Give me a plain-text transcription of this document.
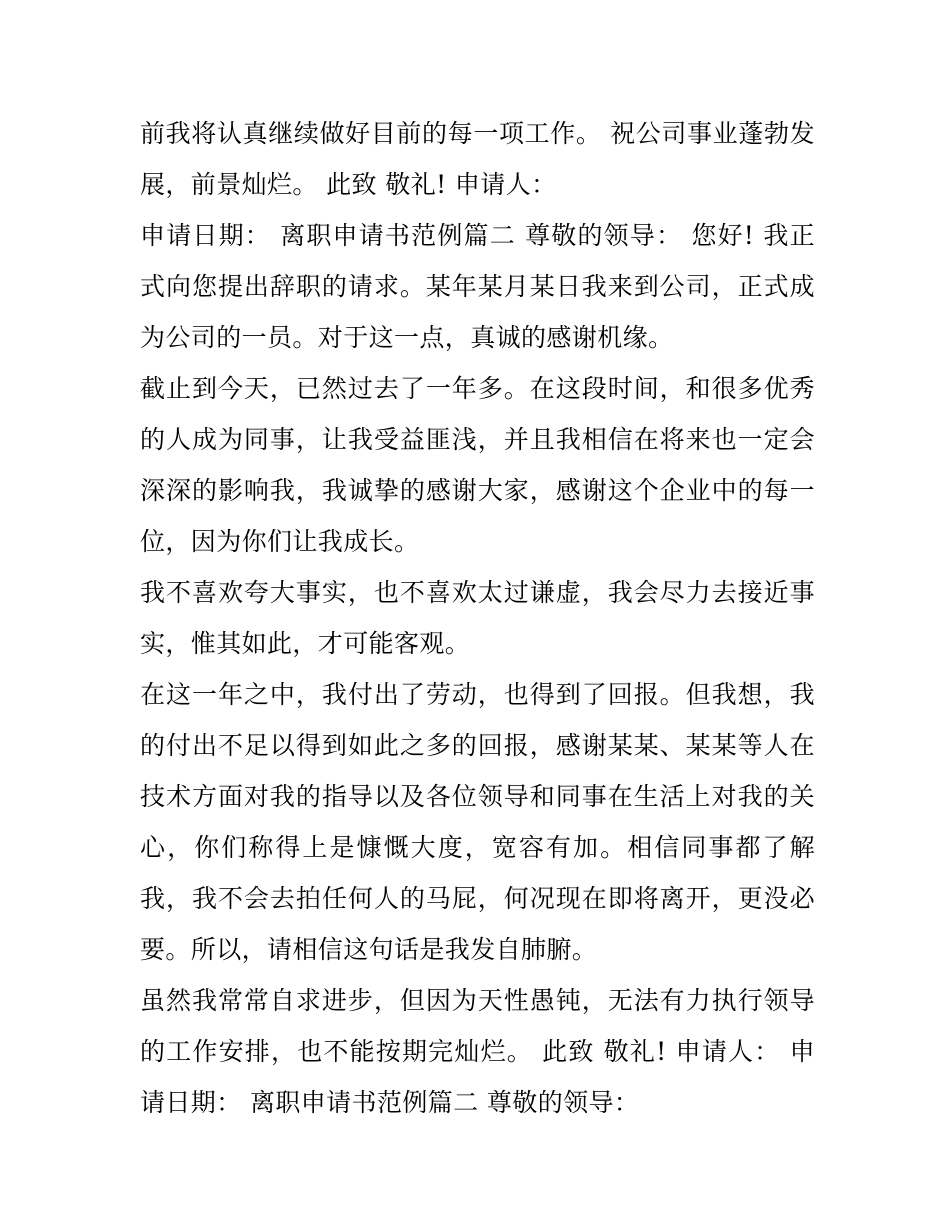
前我将认真继续做好目前的每一项工作。 祝公司事业蓬勃发展，前景灿烂。 此致 敬礼! 申请人：

申请日期： 离职申请书范例篇二 尊敬的领导： 您好! 我正式向您提出辞职的请求。某年某月某日我来到公司，正式成为公司的一员。对于这一点，真诚的感谢机缘。

截止到今天，已然过去了一年多。在这段时间，和很多优秀的人成为同事，让我受益匪浅，并且我相信在将来也一定会深深的影响我，我诚挚的感谢大家，感谢这个企业中的每一位，因为你们让我成长。

我不喜欢夸大事实，也不喜欢太过谦虚，我会尽力去接近事实，惟其如此，才可能客观。

在这一年之中，我付出了劳动，也得到了回报。但我想，我的付出不足以得到如此之多的回报，感谢某某、某某等人在技术方面对我的指导以及各位领导和同事在生活上对我的关心，你们称得上是慷慨大度，宽容有加。相信同事都了解我，我不会去拍任何人的马屁，何况现在即将离开，更没必要。所以，请相信这句话是我发自肺腑。

虽然我常常自求进步，但因为天性愚钝，无法有力执行领导的工作安排，也不能按期完灿烂。 此致 敬礼! 申请人： 申请日期： 离职申请书范例篇二 尊敬的领导：
